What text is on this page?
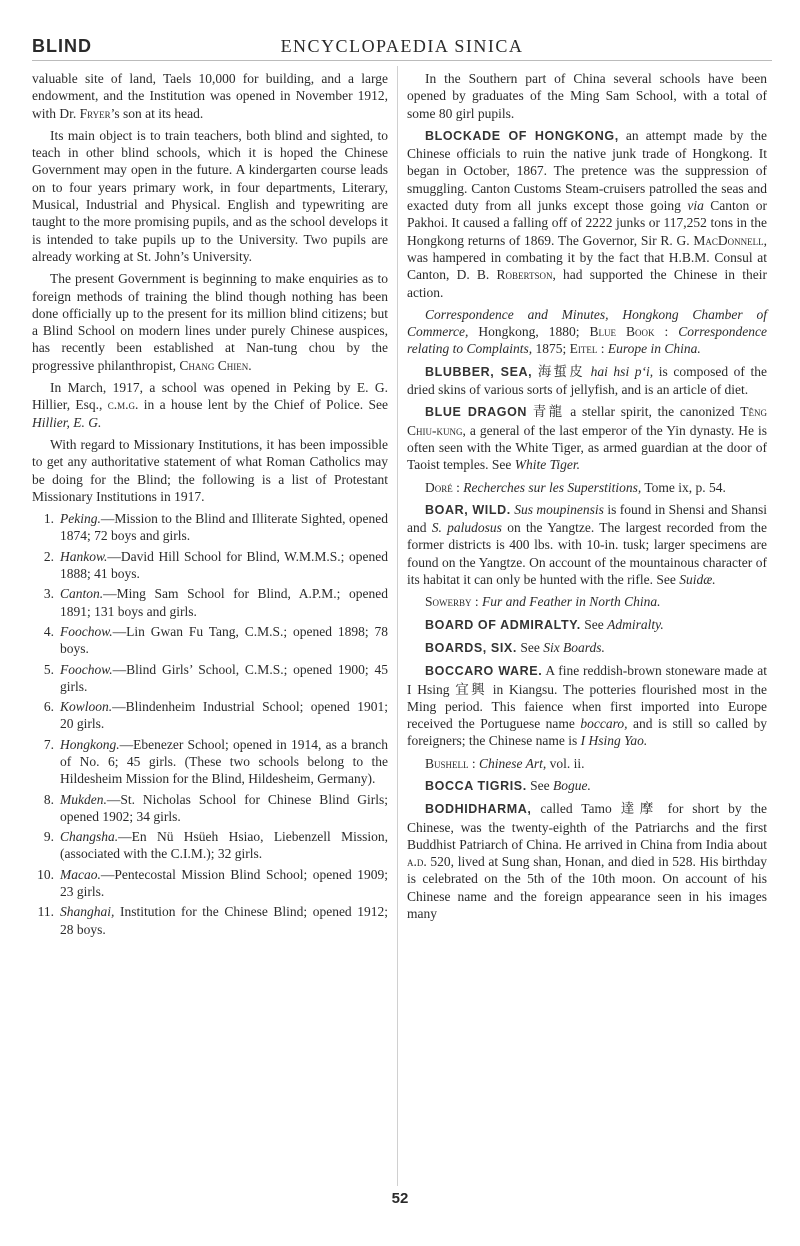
BLIND	ENCYCLOPAEDIA SINICA

valuable site of land, Taels 10,000 for building, and a large endowment, and the Institution was opened in November 1912, with Dr. Fryer’s son at its head.

Its main object is to train teachers, both blind and sighted, to teach in other blind schools, which it is hoped the Chinese Government may open in the future. A kindergarten course leads on to four years primary work, in four departments, Literary, Musical, Industrial and Physical. English and typewriting are taught to the more promising pupils, and as the school develops it is intended to take pupils up to the University. Two pupils are already working at St. John’s University.

The present Government is beginning to make enquiries as to foreign methods of training the blind though nothing has been done officially up to the present for its million blind citizens; but a Blind School on modern lines under purely Chinese auspices, has recently been established at Nan-tung chou by the progressive philanthropist, Chang Chien.

In March, 1917, a school was opened in Peking by E. G. Hillier, Esq., c.m.g. in a house lent by the Chief of Police. See Hillier, E. G.

With regard to Missionary Institutions, it has been impossible to get any authoritative statement of what Roman Catholics may be doing for the Blind; the following is a list of Protestant Missionary Institutions in 1917.

1. Peking.—Mission to the Blind and Illiterate Sighted, opened 1874; 72 boys and girls.
2. Hankow.—David Hill School for Blind, W.M.M.S.; opened 1888; 41 boys.
3. Canton.—Ming Sam School for Blind, A.P.M.; opened 1891; 131 boys and girls.
4. Foochow.—Lin Gwan Fu Tang, C.M.S.; opened 1898; 78 boys.
5. Foochow.—Blind Girls’ School, C.M.S.; opened 1900; 45 girls.
6. Kowloon.—Blindenheim Industrial School; opened 1901; 20 girls.
7. Hongkong.—Ebenezer School; opened in 1914, as a branch of No. 6; 45 girls. (These two schools belong to the Hildesheim Mission for the Blind, Hildesheim, Germany).
8. Mukden.—St. Nicholas School for Chinese Blind Girls; opened 1902; 34 girls.
9. Changsha.—En Nü Hsüeh Hsiao, Liebenzell Mission, (associated with the C.I.M.); 32 girls.
10. Macao.—Pentecostal Mission Blind School; opened 1909; 23 girls.
11. Shanghai, Institution for the Chinese Blind; opened 1912; 28 boys.

In the Southern part of China several schools have been opened by graduates of the Ming Sam School, with a total of some 80 girl pupils.

BLOCKADE OF HONGKONG, an attempt made by the Chinese officials to ruin the native junk trade of Hongkong. It began in October, 1867. The pretence was the suppression of smuggling. Canton Customs Steam-cruisers patrolled the seas and exacted duty from all junks except those going via Canton or Pakhoi. It caused a falling off of 2222 junks or 117,252 tons in the Hongkong returns of 1869. The Governor, Sir R. G. MacDonnell, was hampered in combating it by the fact that H.B.M. Consul at Canton, D. B. Robertson, had supported the Chinese in their action.

Correspondence and Minutes, Hongkong Chamber of Commerce, Hongkong, 1880; Blue Book : Correspondence relating to Complaints, 1875; Eitel : Europe in China.

BLUBBER, SEA, 海蜇皮 hai hsi p‘i, is composed of the dried skins of various sorts of jellyfish, and is an article of diet.

BLUE DRAGON 青龍 a stellar spirit, the canonized Têng Chiu-kung, a general of the last emperor of the Yin dynasty. He is often seen with the White Tiger, as armed guardian at the door of Taoist temples. See White Tiger.

Doré : Recherches sur les Superstitions, Tome ix, p. 54.

BOAR, WILD. Sus moupinensis is found in Shensi and Shansi and S. paludosus on the Yangtze. The largest recorded from the former districts is 400 lbs. with 10-in. tusk; larger specimens are found on the Yangtze. On account of the mountainous character of its habitat it can only be hunted with the rifle. See Suidæ.

Sowerby : Fur and Feather in North China.

BOARD OF ADMIRALTY. See Admiralty.

BOARDS, SIX. See Six Boards.

BOCCARO WARE. A fine reddish-brown stoneware made at I Hsing 宜興 in Kiangsu. The potteries flourished most in the Ming period. This faience when first imported into Europe received the Portuguese name boccaro, and is still so called by foreigners; the Chinese name is I Hsing Yao.

Bushell : Chinese Art, vol. ii.

BOCCA TIGRIS. See Bogue.

BODHIDHARMA, called Tamo 達摩 for short by the Chinese, was the twenty-eighth of the Patriarchs and the first Buddhist Patriarch of China. He arrived in China from India about a.d. 520, lived at Sung shan, Honan, and died in 528. His birthday is celebrated on the 5th of the 10th moon. On account of his Chinese name and the foreign appearance seen in his images many

52
